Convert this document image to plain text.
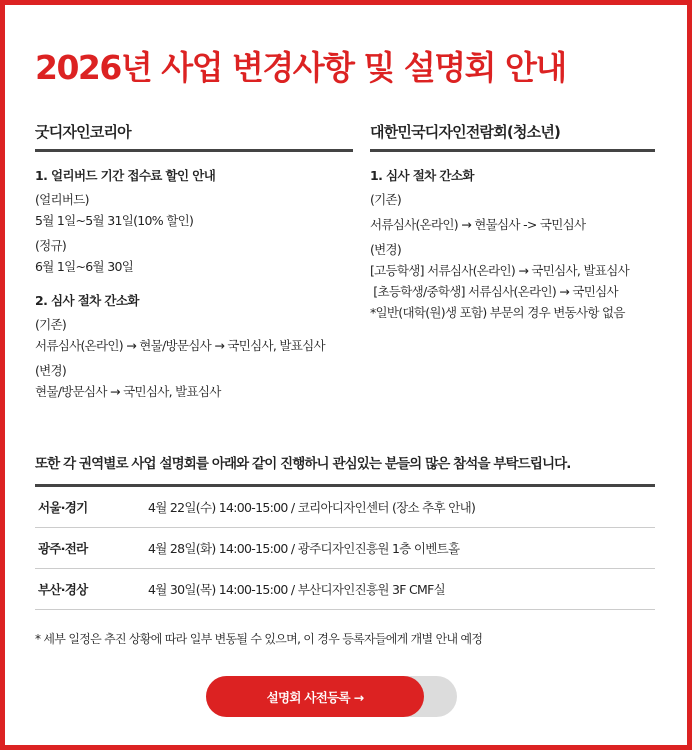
2026년 사업 변경사항 및 설명회 안내
굿디자인코리아
1. 얼리버드 기간 접수료 할인 안내
(얼리버드)
5월 1일~5월 31일(10% 할인)
(정규)
6월 1일~6월 30일
2. 심사 절차 간소화
(기존)
서류심사(온라인) → 현물/방문심사 → 국민심사, 발표심사
(변경)
현물/방문심사 → 국민심사, 발표심사
대한민국디자인전람회(청소년)
1. 심사 절차 간소화
(기존)
서류심사(온라인) → 현물심사 -> 국민심사
(변경)
[고등학생] 서류심사(온라인) → 국민심사, 발표심사
[초등학생/중학생] 서류심사(온라인) → 국민심사
*일반(대학(원)생 포함) 부문의 경우 변동사항 없음
또한 각 권역별로 사업 설명회를 아래와 같이 진행하니 관심있는 분들의 많은 참석을 부탁드립니다.
서울·경기	4월 22일(수) 14:00-15:00 / 코리아디자인센터 (장소 추후 안내)
광주·전라	4월 28일(화) 14:00-15:00 / 광주디자인진흥원 1층 이벤트홀
부산·경상	4월 30일(목) 14:00-15:00 / 부산디자인진흥원 3F CMF실
* 세부 일정은 추진 상황에 따라 일부 변동될 수 있으며, 이 경우 등록자들에게 개별 안내 예정
설명회 사전등록 →
